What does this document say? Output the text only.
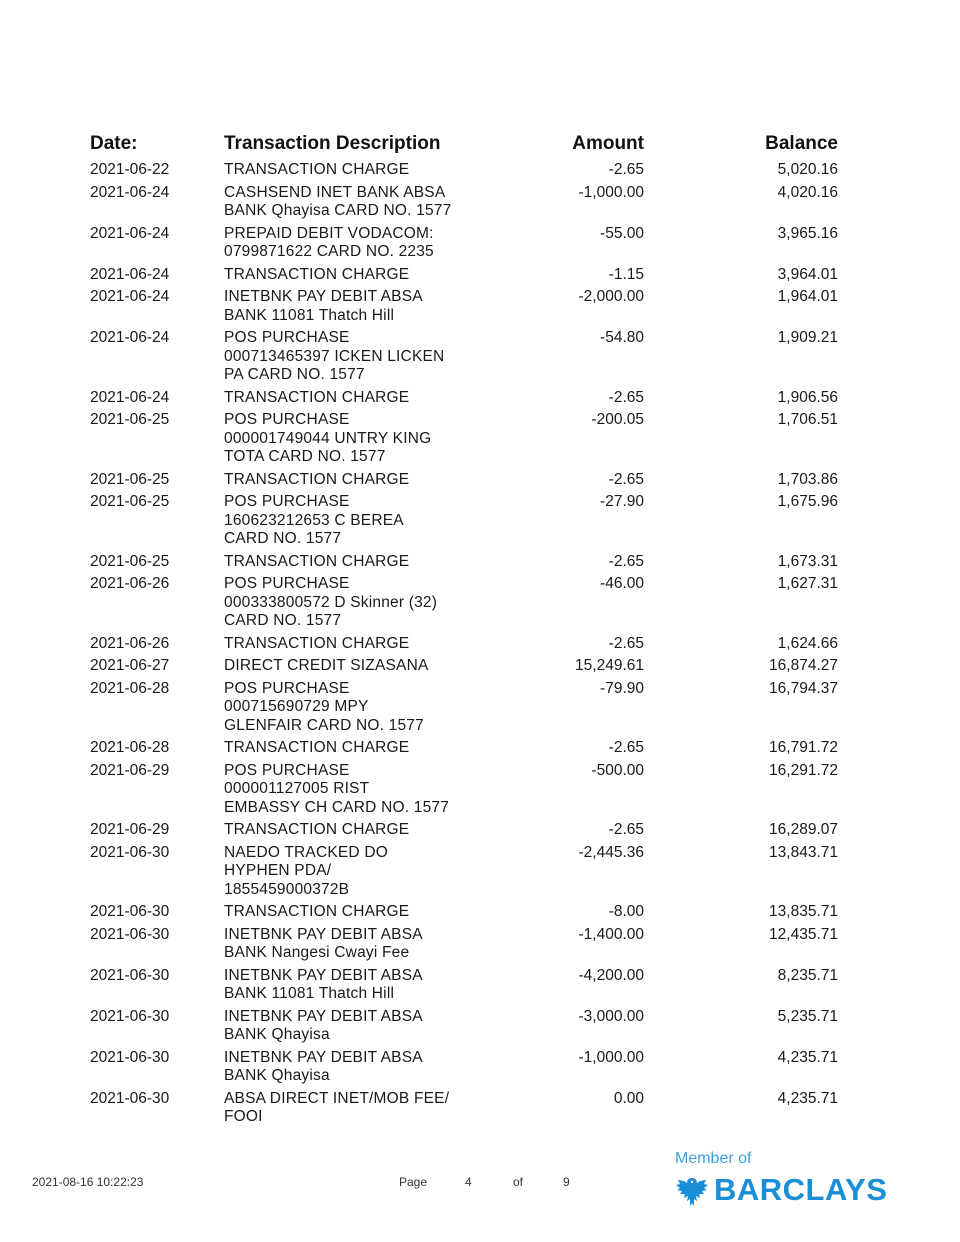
Date:	Transaction Description	Amount	Balance
2021-06-22	TRANSACTION CHARGE	-2.65	5,020.16
2021-06-24	CASHSEND INET BANK ABSA
BANK Qhayisa CARD NO. 1577
-1,000.00	4,020.16
2021-06-24	PREPAID DEBIT VODACOM:
0799871622 CARD NO. 2235
-55.00	3,965.16
2021-06-24	TRANSACTION CHARGE	-1.15	3,964.01
2021-06-24	INETBNK PAY DEBIT ABSA
BANK 11081 Thatch Hill
-2,000.00	1,964.01
2021-06-24	POS PURCHASE
000713465397 ICKEN LICKEN
PA CARD NO. 1577
-54.80	1,909.21
2021-06-24	TRANSACTION CHARGE	-2.65	1,906.56
2021-06-25	POS PURCHASE
000001749044 UNTRY KING
TOTA CARD NO. 1577
-200.05	1,706.51
2021-06-25	TRANSACTION CHARGE	-2.65	1,703.86
2021-06-25	POS PURCHASE
160623212653 C BEREA
CARD NO. 1577
-27.90	1,675.96
2021-06-25	TRANSACTION CHARGE	-2.65	1,673.31
2021-06-26	POS PURCHASE
000333800572 D Skinner (32)
CARD NO. 1577
-46.00	1,627.31
2021-06-26	TRANSACTION CHARGE	-2.65	1,624.66
2021-06-27	DIRECT CREDIT SIZASANA	15,249.61	16,874.27
2021-06-28	POS PURCHASE
000715690729 MPY
GLENFAIR CARD NO. 1577
-79.90	16,794.37
2021-06-28	TRANSACTION CHARGE	-2.65	16,791.72
2021-06-29	POS PURCHASE
000001127005 RIST
EMBASSY CH CARD NO. 1577
-500.00	16,291.72
2021-06-29	TRANSACTION CHARGE	-2.65	16,289.07
2021-06-30	NAEDO TRACKED DO
HYPHEN PDA/
1855459000372B
-2,445.36	13,843.71
2021-06-30	TRANSACTION CHARGE	-8.00	13,835.71
2021-06-30	INETBNK PAY DEBIT ABSA
BANK Nangesi Cwayi Fee
-1,400.00	12,435.71
2021-06-30	INETBNK PAY DEBIT ABSA
BANK 11081 Thatch Hill
-4,200.00	8,235.71
2021-06-30	INETBNK PAY DEBIT ABSA
BANK Qhayisa
-3,000.00	5,235.71
2021-06-30	INETBNK PAY DEBIT ABSA
BANK Qhayisa
-1,000.00	4,235.71
2021-06-30	ABSA DIRECT INET/MOB FEE/
FOOI
0.00	4,235.71
2021-08-16 10:22:23	Page	4	of	9
Member of
BARCLAYS
